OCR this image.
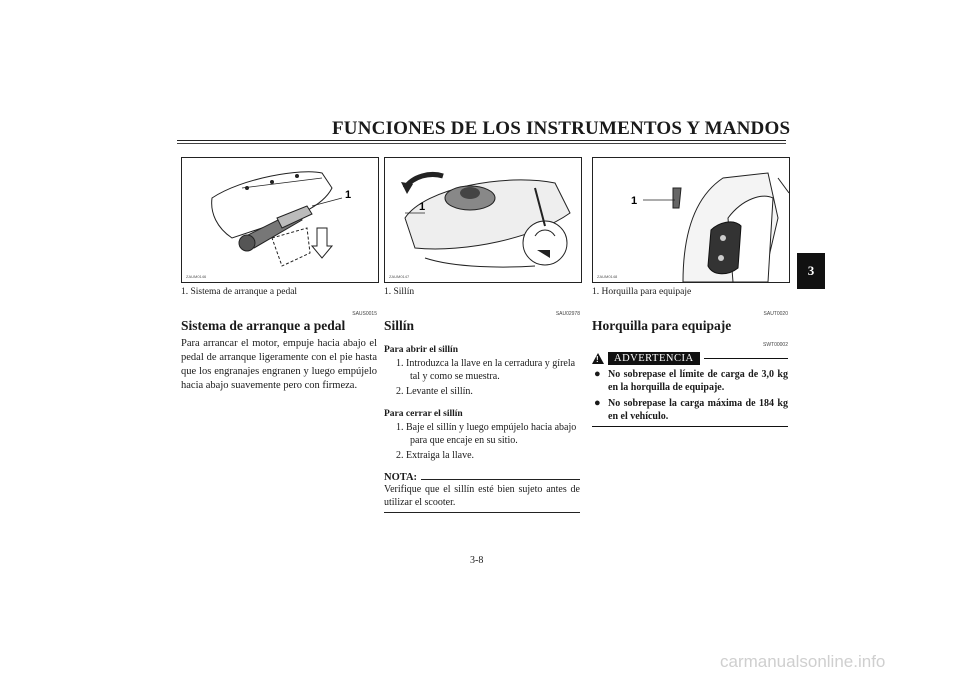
FUNCIONES DE LOS INSTRUMENTOS Y MANDOS
3
1
ZAUM0146
1. Sistema de arranque a pedal
SAUS0015
Sistema de arranque a pedal
Para arrancar el motor, empuje hacia abajo el pedal de arranque ligeramente con el pie hasta que los engranajes engranen y luego empújelo hacia abajo suavemente pero con firmeza.
1
ZAUM0147
1. Sillín
SAU02978
Sillín
Para abrir el sillín
1. Introduzca la llave en la cerradura y gírela tal y como se muestra.
2. Levante el sillín.
Para cerrar el sillín
1. Baje el sillín y luego empújelo hacia abajo para que encaje en su sitio.
2. Extraiga la llave.
NOTA:
Verifique que el sillín esté bien sujeto antes de utilizar el scooter.
1
ZAUM0148
1. Horquilla para equipaje
SAUT0020
Horquilla para equipaje
SWT00002
!	ADVERTENCIA
● No sobrepase el límite de carga de 3,0 kg en la horquilla de equipaje.
● No sobrepase la carga máxima de 184 kg en el vehículo.
3-8
carmanualsonline.info
